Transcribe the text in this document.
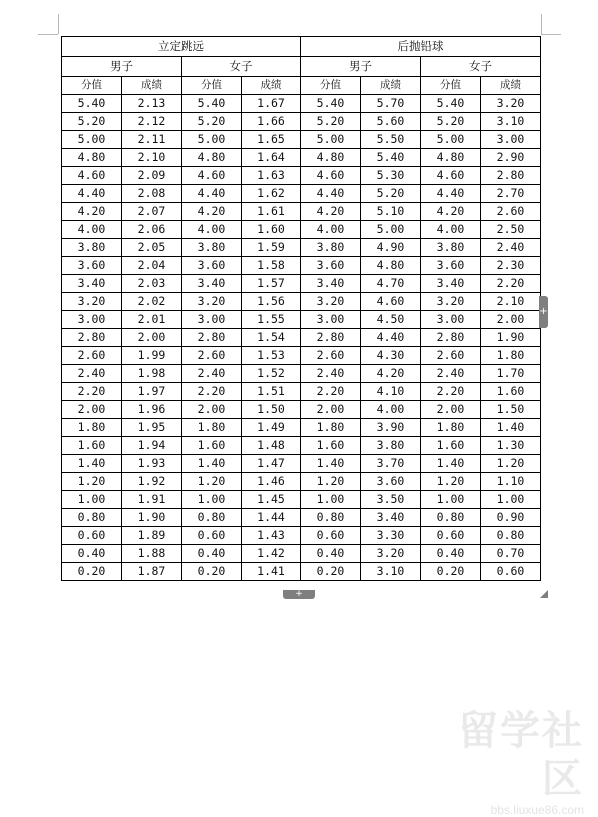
立定跳远				后抛铅球			
男子		女子		男子		女子	
分值	成绩	分值	成绩	分值	成绩	分值	成绩
5.40	2.13	5.40	1.67	5.40	5.70	5.40	3.20
5.20	2.12	5.20	1.66	5.20	5.60	5.20	3.10
5.00	2.11	5.00	1.65	5.00	5.50	5.00	3.00
4.80	2.10	4.80	1.64	4.80	5.40	4.80	2.90
4.60	2.09	4.60	1.63	4.60	5.30	4.60	2.80
4.40	2.08	4.40	1.62	4.40	5.20	4.40	2.70
4.20	2.07	4.20	1.61	4.20	5.10	4.20	2.60
4.00	2.06	4.00	1.60	4.00	5.00	4.00	2.50
3.80	2.05	3.80	1.59	3.80	4.90	3.80	2.40
3.60	2.04	3.60	1.58	3.60	4.80	3.60	2.30
3.40	2.03	3.40	1.57	3.40	4.70	3.40	2.20
3.20	2.02	3.20	1.56	3.20	4.60	3.20	2.10
3.00	2.01	3.00	1.55	3.00	4.50	3.00	2.00
2.80	2.00	2.80	1.54	2.80	4.40	2.80	1.90
2.60	1.99	2.60	1.53	2.60	4.30	2.60	1.80
2.40	1.98	2.40	1.52	2.40	4.20	2.40	1.70
2.20	1.97	2.20	1.51	2.20	4.10	2.20	1.60
2.00	1.96	2.00	1.50	2.00	4.00	2.00	1.50
1.80	1.95	1.80	1.49	1.80	3.90	1.80	1.40
1.60	1.94	1.60	1.48	1.60	3.80	1.60	1.30
1.40	1.93	1.40	1.47	1.40	3.70	1.40	1.20
1.20	1.92	1.20	1.46	1.20	3.60	1.20	1.10
1.00	1.91	1.00	1.45	1.00	3.50	1.00	1.00
0.80	1.90	0.80	1.44	0.80	3.40	0.80	0.90
0.60	1.89	0.60	1.43	0.60	3.30	0.60	0.80
0.40	1.88	0.40	1.42	0.40	3.20	0.40	0.70
0.20	1.87	0.20	1.41	0.20	3.10	0.20	0.60
+
+
留学社区
bbs.liuxue86.com
